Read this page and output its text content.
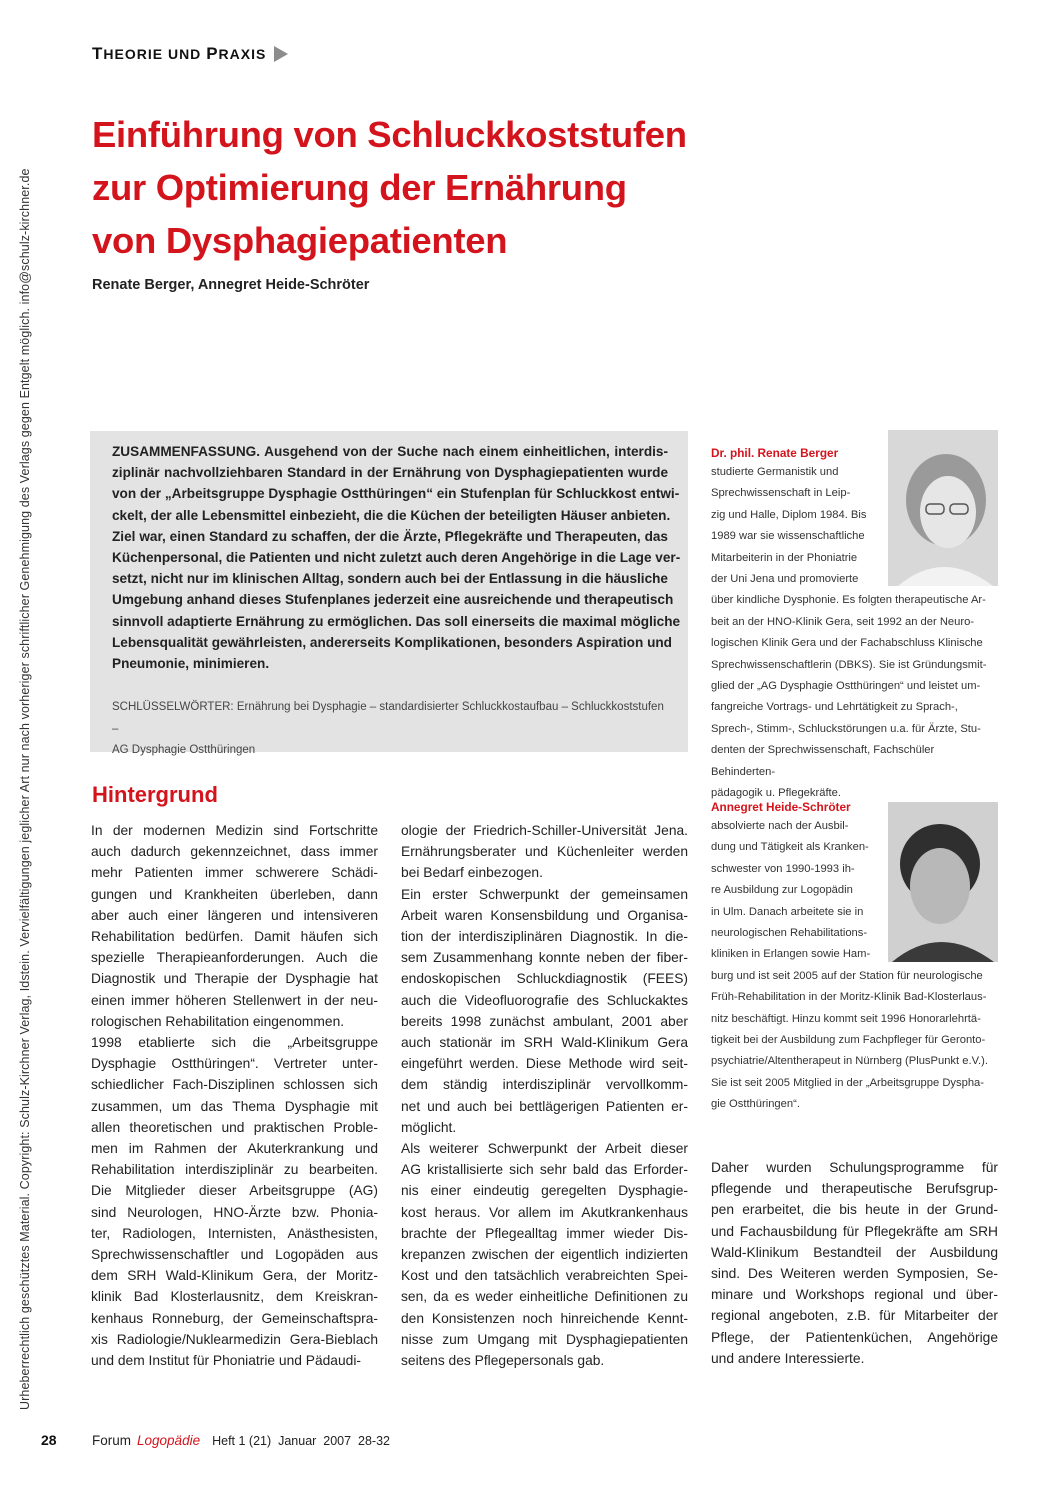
Urheberrechtlich geschütztes Material. Copyright: Schulz-Kirchner Verlag, Idstein. Vervielfältigungen jeglicher Art nur nach vorheriger schriftlicher Genehmigung des Verlags gegen Entgelt möglich. info@schulz-kirchner.de
THEORIE UND PRAXIS
Einführung von Schluckkoststufen
zur Optimierung der Ernährung
von Dysphagiepatienten
Renate Berger, Annegret Heide-Schröter
ZUSAMMENFASSUNG. Ausgehend von der Suche nach einem einheitlichen, interdis-
ziplinär nachvollziehbaren Standard in der Ernährung von Dysphagiepatienten wurde
von der „Arbeitsgruppe Dysphagie Ostthüringen“ ein Stufenplan für Schluckkost entwi-
ckelt, der alle Lebensmittel einbezieht, die die Küchen der beteiligten Häuser anbieten.
Ziel war, einen Standard zu schaffen, der die Ärzte, Pflegekräfte und Therapeuten, das
Küchenpersonal, die Patienten und nicht zuletzt auch deren Angehörige in die Lage ver-
setzt, nicht nur im klinischen Alltag, sondern auch bei der Entlassung in die häusliche
Umgebung anhand dieses Stufenplanes jederzeit eine ausreichende und therapeutisch
sinnvoll adaptierte Ernährung zu ermöglichen. Das soll einerseits die maximal mögliche
Lebensqualität gewährleisten, andererseits Komplikationen, besonders Aspiration und
Pneumonie, minimieren.
SCHLÜSSELWÖRTER: Ernährung bei Dysphagie – standardisierter Schluckkostaufbau – Schluckkoststufen –
AG Dysphagie Ostthüringen
Dr. phil. Renate Berger
studierte Germanistik und
Sprechwissenschaft in Leip-
zig und Halle, Diplom 1984. Bis
1989 war sie wissenschaftliche
Mitarbeiterin in der Phoniatrie
der Uni Jena und promovierte
über kindliche Dysphonie. Es folgten therapeutische Ar-
beit an der HNO-Klinik Gera, seit 1992 an der Neuro-
logischen Klinik Gera und der Fachabschluss Klinische
Sprechwissenschaftlerin (DBKS). Sie ist Gründungsmit-
glied der „AG Dysphagie Ostthüringen“ und leistet um-
fangreiche Vortrags- und Lehrtätigkeit zu Sprach-,
Sprech-, Stimm-, Schluckstörungen u.a. für Ärzte, Stu-
denten der Sprechwissenschaft, Fachschüler Behinderten-
pädagogik u. Pflegekräfte.
Annegret Heide-Schröter
absolvierte nach der Ausbil-
dung und Tätigkeit als Kranken-
schwester von 1990-1993 ih-
re Ausbildung zur Logopädin
in Ulm. Danach arbeitete sie in
neurologischen Rehabilitations-
kliniken in Erlangen sowie Ham-
burg und ist seit 2005 auf der Station für neurologische
Früh-Rehabilitation in der Moritz-Klinik Bad-Klosterlaus-
nitz beschäftigt. Hinzu kommt seit 1996 Honorarlehrtä-
tigkeit bei der Ausbildung zum Fachpfleger für Geronto-
psychiatrie/Altentherapeut in Nürnberg (PlusPunkt e.V.).
Sie ist seit 2005 Mitglied in der „Arbeitsgruppe Dyspha-
gie Ostthüringen“.
Hintergrund
In der modernen Medizin sind Fortschritte
auch dadurch gekennzeichnet, dass immer
mehr Patienten immer schwerere Schädi-
gungen und Krankheiten überleben, dann
aber auch einer längeren und intensiveren
Rehabilitation bedürfen. Damit häufen sich
spezielle Therapieanforderungen. Auch die
Diagnostik und Therapie der Dysphagie hat
einen immer höheren Stellenwert in der neu-
rologischen Rehabilitation eingenommen.
1998 etablierte sich die „Arbeitsgruppe
Dysphagie Ostthüringen“. Vertreter unter-
schiedlicher Fach-Disziplinen schlossen sich
zusammen, um das Thema Dysphagie mit
allen theoretischen und praktischen Proble-
men im Rahmen der Akuterkrankung und
Rehabilitation interdisziplinär zu bearbeiten.
Die Mitglieder dieser Arbeitsgruppe (AG)
sind Neurologen, HNO-Ärzte bzw. Phonia-
ter, Radiologen, Internisten, Anästhesisten,
Sprechwissenschaftler und Logopäden aus
dem SRH Wald-Klinikum Gera, der Moritz-
klinik Bad Klosterlausnitz, dem Kreiskran-
kenhaus Ronneburg, der Gemeinschaftspra-
xis Radiologie/Nuklearmedizin Gera-Bieblach
und dem Institut für Phoniatrie und Pädaudi-
ologie der Friedrich-Schiller-Universität Jena.
Ernährungsberater und Küchenleiter werden
bei Bedarf einbezogen.
Ein erster Schwerpunkt der gemeinsamen
Arbeit waren Konsensbildung und Organisa-
tion der interdisziplinären Diagnostik. In die-
sem Zusammenhang konnte neben der fiber-
endoskopischen Schluckdiagnostik (FEES)
auch die Videofluorografie des Schluckaktes
bereits 1998 zunächst ambulant, 2001 aber
auch stationär im SRH Wald-Klinikum Gera
eingeführt werden. Diese Methode wird seit-
dem ständig interdisziplinär vervollkomm-
net und auch bei bettlägerigen Patienten er-
möglicht.
Als weiterer Schwerpunkt der Arbeit dieser
AG kristallisierte sich sehr bald das Erforder-
nis einer eindeutig geregelten Dysphagie-
kost heraus. Vor allem im Akutkrankenhaus
brachte der Pflegealltag immer wieder Dis-
krepanzen zwischen der eigentlich indizierten
Kost und den tatsächlich verabreichten Spei-
sen, da es weder einheitliche Definitionen zu
den Konsistenzen noch hinreichende Kennt-
nisse zum Umgang mit Dysphagiepatienten
seitens des Pflegepersonals gab.
Daher wurden Schulungsprogramme für
pflegende und therapeutische Berufsgrup-
pen erarbeitet, die bis heute in der Grund-
und Fachausbildung für Pflegekräfte am SRH
Wald-Klinikum Bestandteil der Ausbildung
sind. Des Weiteren werden Symposien, Se-
minare und Workshops regional und über-
regional angeboten, z.B. für Mitarbeiter der
Pflege, der Patientenküchen, Angehörige
und andere Interessierte.
28	Forum Logopädie Heft 1 (21)  Januar  2007  28-32
